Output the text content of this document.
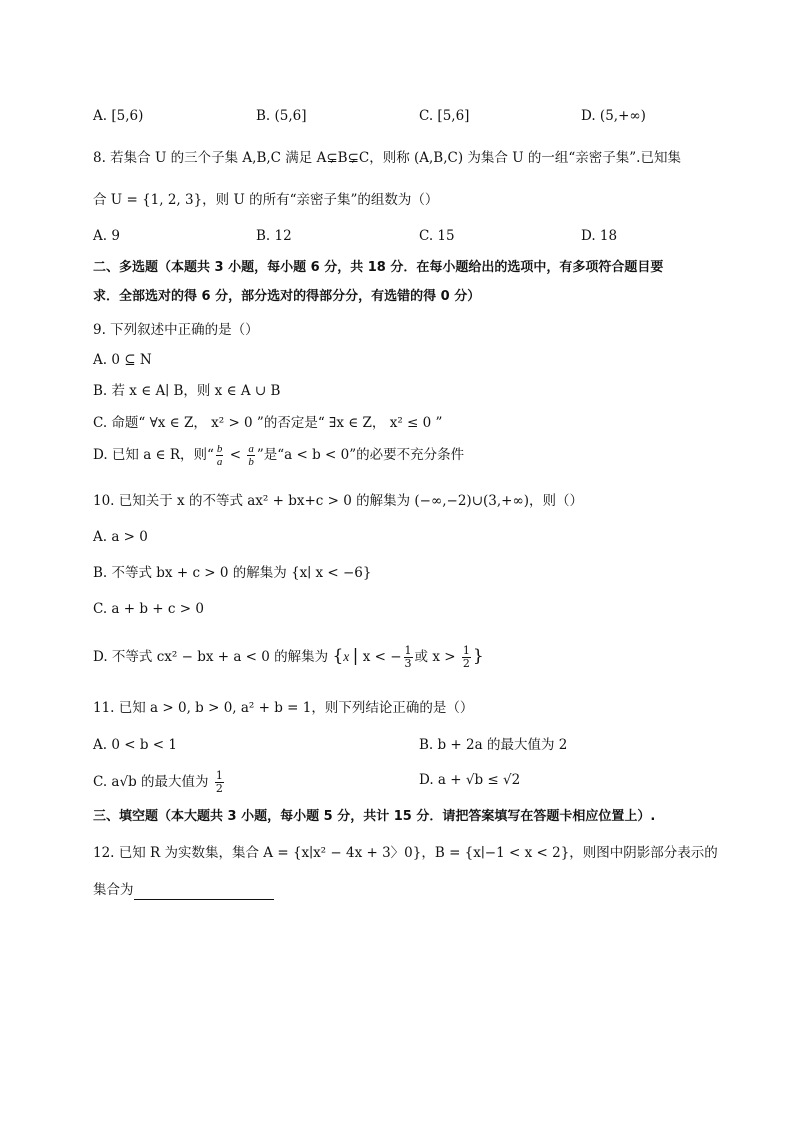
A. [5,6)	B. (5,6]	C. [5,6]	D. (5,+∞)
8. 若集合 U 的三个子集 A,B,C 满足 A⊊B⊊C，则称 (A,B,C) 为集合 U 的一组“亲密子集”.已知集
合 U = {1, 2, 3}，则 U 的所有“亲密子集”的组数为（）
A. 9	B. 12	C. 15	D. 18
二、多选题（本题共 3 小题，每小题 6 分，共 18 分．在每小题给出的选项中，有多项符合题目要
求．全部选对的得 6 分，部分选对的得部分分，有选错的得 0 分）
9. 下列叙述中正确的是（）
A. 0 ⊆ N
B. 若 x ∈ A∣ B，则 x ∈ A ∪ B
C. 命题“ ∀x ∈ Z， x² > 0 ”的否定是“ ∃x ∈ Z， x² ≤ 0 ”
D. 已知 a ∈ R，则“ $\frac{b}{a} < \frac{a}{b}$ ”是“a < b < 0”的必要不充分条件
10. 已知关于 x 的不等式 ax² + bx+c > 0 的解集为 (−∞,−2)∪(3,+∞)，则（）
A. a > 0
B. 不等式 bx + c > 0 的解集为 {x∣ x < −6}
C. a + b + c > 0
D. 不等式 cx² − bx + a < 0 的解集为 {x | x < − $\frac{1}{3}$ 或 $x > \frac{1}{2}$ }
11. 已知 a > 0, b > 0, a² + b = 1，则下列结论正确的是（）
A. 0 < b < 1	B. b + 2a 的最大值为 2
C. a√b 的最大值为 $\frac{1}{2}$	D. a + √b ≤ √2
三、填空题（本大题共 3 小题，每小题 5 分，共计 15 分．请把答案填写在答题卡相应位置上）.
12. 已知 R 为实数集，集合 A = {x∣x² − 4x + 3〉0}，B = {x∣−1 < x < 2}，则图中阴影部分表示的
集合为
